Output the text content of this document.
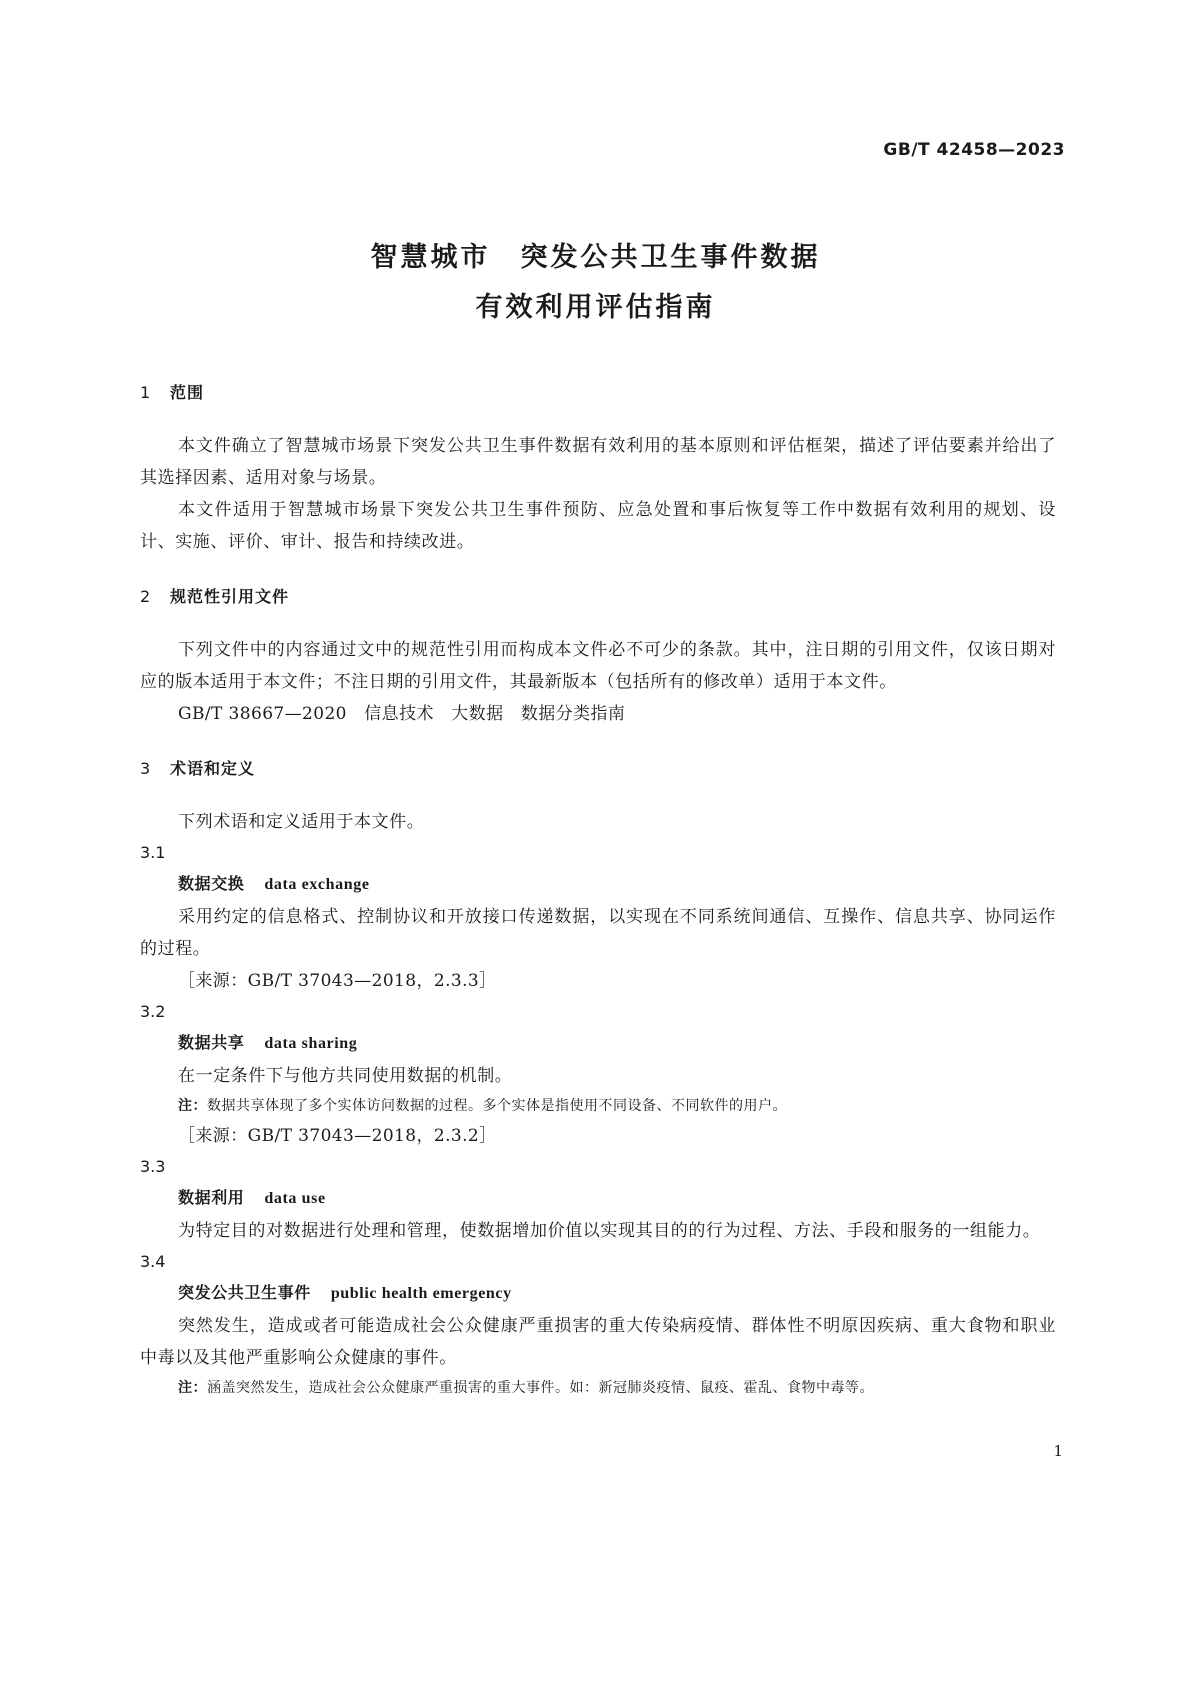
GB/T 42458—2023
智慧城市　突发公共卫生事件数据
有效利用评估指南
1 范围

本文件确立了智慧城市场景下突发公共卫生事件数据有效利用的基本原则和评估框架，描述了评估要素并给出了其选择因素、适用对象与场景。

本文件适用于智慧城市场景下突发公共卫生事件预防、应急处置和事后恢复等工作中数据有效利用的规划、设计、实施、评价、审计、报告和持续改进。

2 规范性引用文件

下列文件中的内容通过文中的规范性引用而构成本文件必不可少的条款。其中，注日期的引用文件，仅该日期对应的版本适用于本文件；不注日期的引用文件，其最新版本（包括所有的修改单）适用于本文件。

GB/T 38667—2020　信息技术　大数据　数据分类指南

3 术语和定义

下列术语和定义适用于本文件。

3.1

数据交换 data exchange

采用约定的信息格式、控制协议和开放接口传递数据，以实现在不同系统间通信、互操作、信息共享、协同运作的过程。

［来源：GB/T 37043—2018，2.3.3］

3.2

数据共享 data sharing

在一定条件下与他方共同使用数据的机制。

注：数据共享体现了多个实体访问数据的过程。多个实体是指使用不同设备、不同软件的用户。

［来源：GB/T 37043—2018，2.3.2］

3.3

数据利用 data use

为特定目的对数据进行处理和管理，使数据增加价值以实现其目的的行为过程、方法、手段和服务的一组能力。

3.4

突发公共卫生事件 public health emergency

突然发生，造成或者可能造成社会公众健康严重损害的重大传染病疫情、群体性不明原因疾病、重大食物和职业中毒以及其他严重影响公众健康的事件。

注：涵盖突然发生，造成社会公众健康严重损害的重大事件。如：新冠肺炎疫情、鼠疫、霍乱、食物中毒等。

1
